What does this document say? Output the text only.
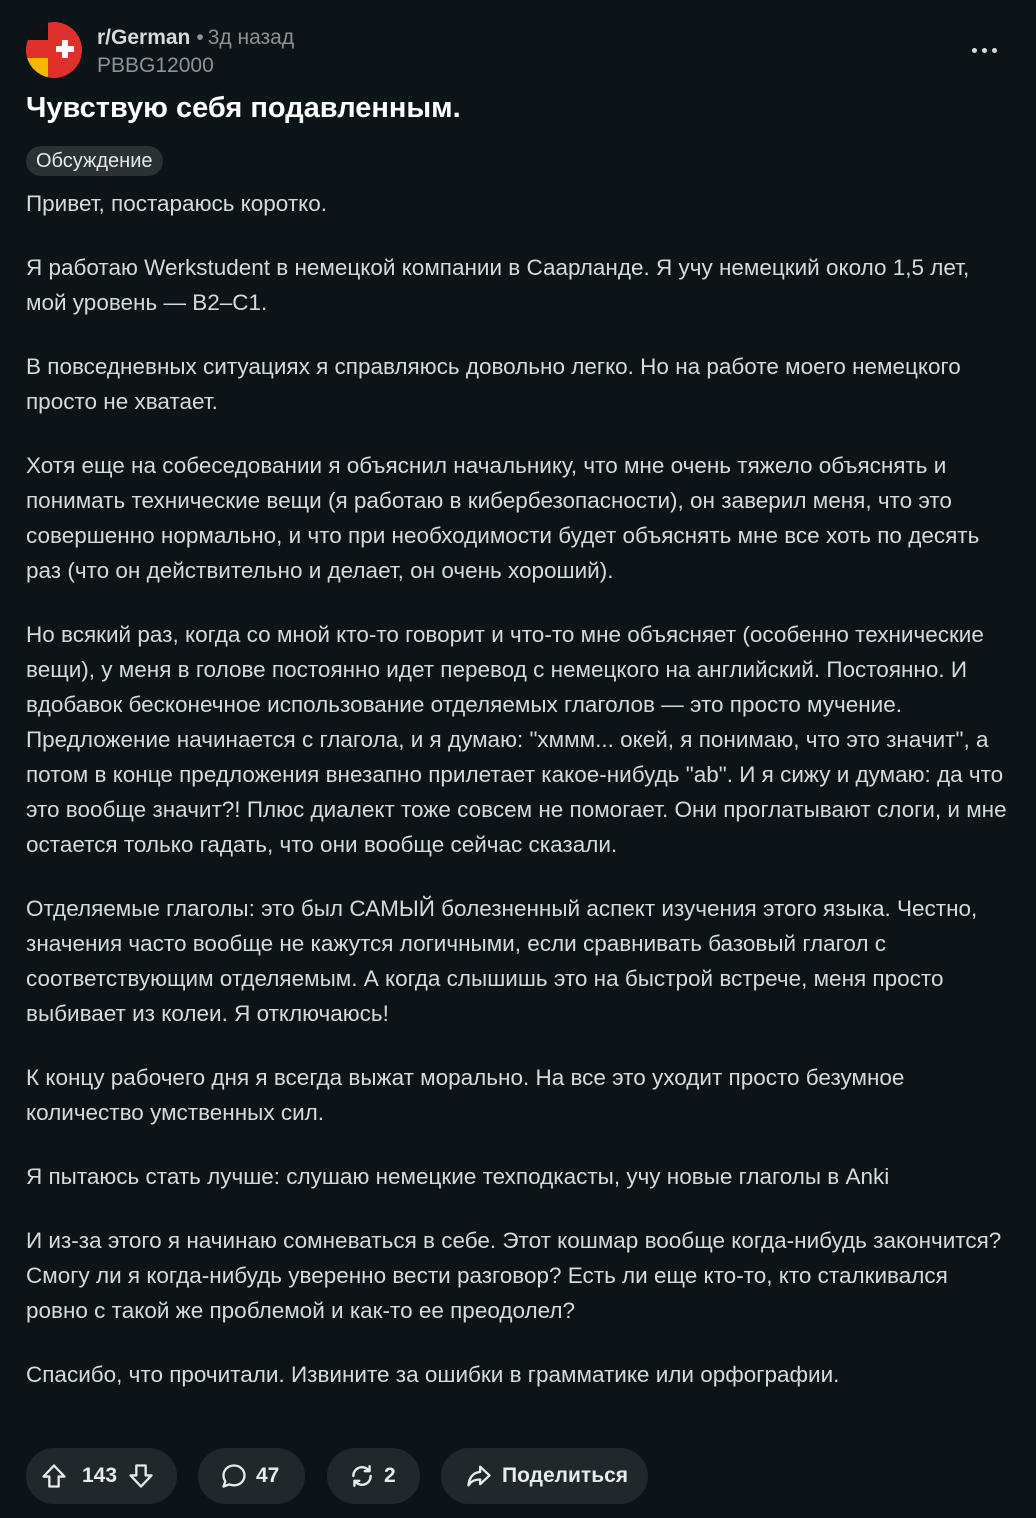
r/German • 3д назад
PBBG12000
Чувствую себя подавленным.
Обсуждение

Привет, постараюсь коротко.

Я работаю Werkstudent в немецкой компании в Саарланде. Я учу немецкий около 1,5 лет, мой уровень — B2–C1.

В повседневных ситуациях я справляюсь довольно легко. Но на работе моего немецкого просто не хватает.

Хотя еще на собеседовании я объяснил начальнику, что мне очень тяжело объяснять и понимать технические вещи (я работаю в кибербезопасности), он заверил меня, что это совершенно нормально, и что при необходимости будет объяснять мне все хоть по десять раз (что он действительно и делает, он очень хороший).

Но всякий раз, когда со мной кто-то говорит и что-то мне объясняет (особенно технические вещи), у меня в голове постоянно идет перевод с немецкого на английский. Постоянно. И вдобавок бесконечное использование отделяемых глаголов — это просто мучение. Предложение начинается с глагола, и я думаю: "хммм... окей, я понимаю, что это значит", а потом в конце предложения внезапно прилетает какое-нибудь "ab". И я сижу и думаю: да что это вообще значит?! Плюс диалект тоже совсем не помогает. Они проглатывают слоги, и мне остается только гадать, что они вообще сейчас сказали.

Отделяемые глаголы: это был САМЫЙ болезненный аспект изучения этого языка. Честно, значения часто вообще не кажутся логичными, если сравнивать базовый глагол с соответствующим отделяемым. А когда слышишь это на быстрой встрече, меня просто выбивает из колеи. Я отключаюсь!

К концу рабочего дня я всегда выжат морально. На все это уходит просто безумное количество умственных сил.

Я пытаюсь стать лучше: слушаю немецкие техподкасты, учу новые глаголы в Anki

И из-за этого я начинаю сомневаться в себе. Этот кошмар вообще когда-нибудь закончится? Смогу ли я когда-нибудь уверенно вести разговор? Есть ли еще кто-то, кто сталкивался ровно с такой же проблемой и как-то ее преодолел?

Спасибо, что прочитали. Извините за ошибки в грамматике или орфографии.

143	47	2	Поделиться
